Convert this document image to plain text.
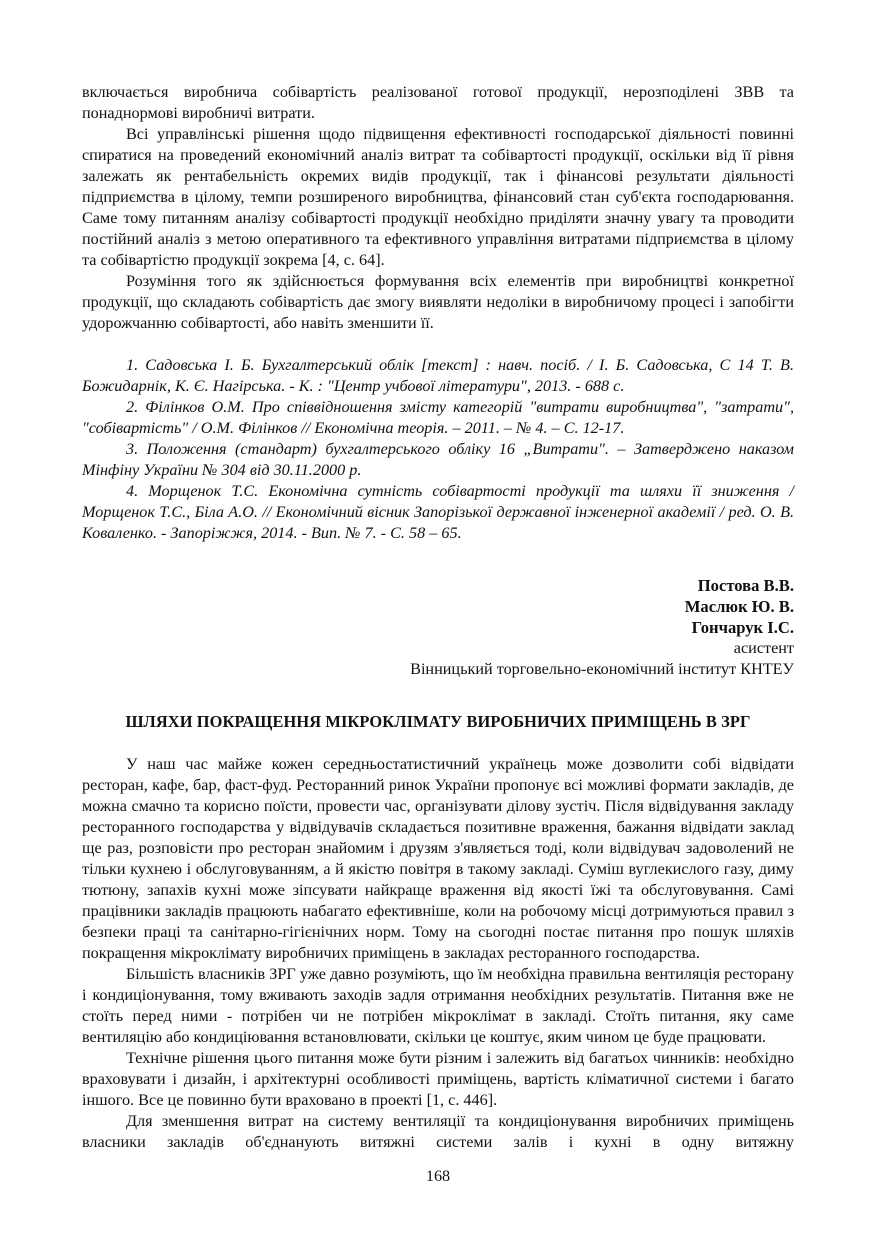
включається виробнича собівартість реалізованої готової продукції, нерозподілені ЗВВ та понаднормові виробничі витрати.

Всі управлінські рішення щодо підвищення ефективності господарської діяльності повинні спиратися на проведений економічний аналіз витрат та собівартості продукції, оскільки від її рівня залежать як рентабельність окремих видів продукції, так і фінансові результати діяльності підприємства в цілому, темпи розширеного виробництва, фінансовий стан суб'єкта господарювання. Саме тому питанням аналізу собівартості продукції необхідно приділяти значну увагу та проводити постійний аналіз з метою оперативного та ефективного управління витратами підприємства в цілому та собівартістю продукції зокрема [4, с. 64].

Розуміння того як здійснюється формування всіх елементів при виробництві конкретної продукції, що складають собівартість дає змогу виявляти недоліки в виробничому процесі і запобігти удорожчанню собівартості, або навіть зменшити її.

1. Садовська І. Б. Бухгалтерський облік [текст] : навч. посіб. / І. Б. Садовська, С 14 Т. В. Божидарнік, К. Є. Нагірська. - К. : "Центр учбової літератури", 2013. - 688 с.

2. Філінков О.М. Про співвідношення змісту категорій "витрати виробництва", "затрати", "собівартість" / О.М. Філінков // Економічна теорія. – 2011. – № 4. – С. 12-17.

3. Положення (стандарт) бухгалтерського обліку 16 „Витрати". – Затверджено наказом Мінфіну України № 304 від 30.11.2000 р.

4. Морщенок Т.С. Економічна сутність собівартості продукції та шляхи її зниження / Морщенок Т.С., Біла А.О. // Економічний вісник Запорізької державної інженерної академії / ред. О. В. Коваленко. - Запоріжжя, 2014. - Вип. № 7. - С. 58 – 65.

Постова В.В.
Маслюк Ю. В.
Гончарук І.С.
асистент
Вінницький торговельно-економічний інститут КНТЕУ
ШЛЯХИ ПОКРАЩЕННЯ МІКРОКЛІМАТУ ВИРОБНИЧИХ ПРИМІЩЕНЬ В ЗРГ

У наш час майже кожен середньостатистичний українець може дозволити собі відвідати ресторан, кафе, бар, фаст-фуд. Ресторанний ринок України пропонує всі можливі формати закладів, де можна смачно та корисно поїсти, провести час, організувати ділову зустіч. Після відвідування закладу ресторанного господарства у відвідувачів складається позитивне враження, бажання відвідати заклад ще раз, розповісти про ресторан знайомим і друзям з'являється тоді, коли відвідувач задоволений не тільки кухнею і обслуговуванням, а й якістю повітря в такому закладі. Суміш вуглекислого газу, диму тютюну, запахів кухні може зіпсувати найкраще враження від якості їжі та обслуговування. Самі працівники закладів працюють набагато ефективніше, коли на робочому місці дотримуються правил з безпеки праці та санітарно-гігієнічних норм. Тому на сьогодні постає питання про пошук шляхів покращення мікроклімату виробничих приміщень в закладах ресторанного господарства.

Більшість власників ЗРГ уже давно розуміють, що їм необхідна правильна вентиляція ресторану і кондиціонування, тому вживають заходів задля отримання необхідних результатів. Питання вже не стоїть перед ними - потрібен чи не потрібен мікроклімат в закладі. Стоїть питання, яку саме вентиляцію або кондиціювання встановлювати, скільки це коштує, яким чином це буде працювати.

Технічне рішення цього питання може бути різним і залежить від багатьох чинників: необхідно враховувати і дизайн, і архітектурні особливості приміщень, вартість кліматичної системи і багато іншого. Все це повинно бути враховано в проекті [1, с. 446].

Для зменшення витрат на систему вентиляції та кондиціонування виробничих приміщень власники закладів об'єднанують витяжні системи залів і кухні в одну витяжну

168
